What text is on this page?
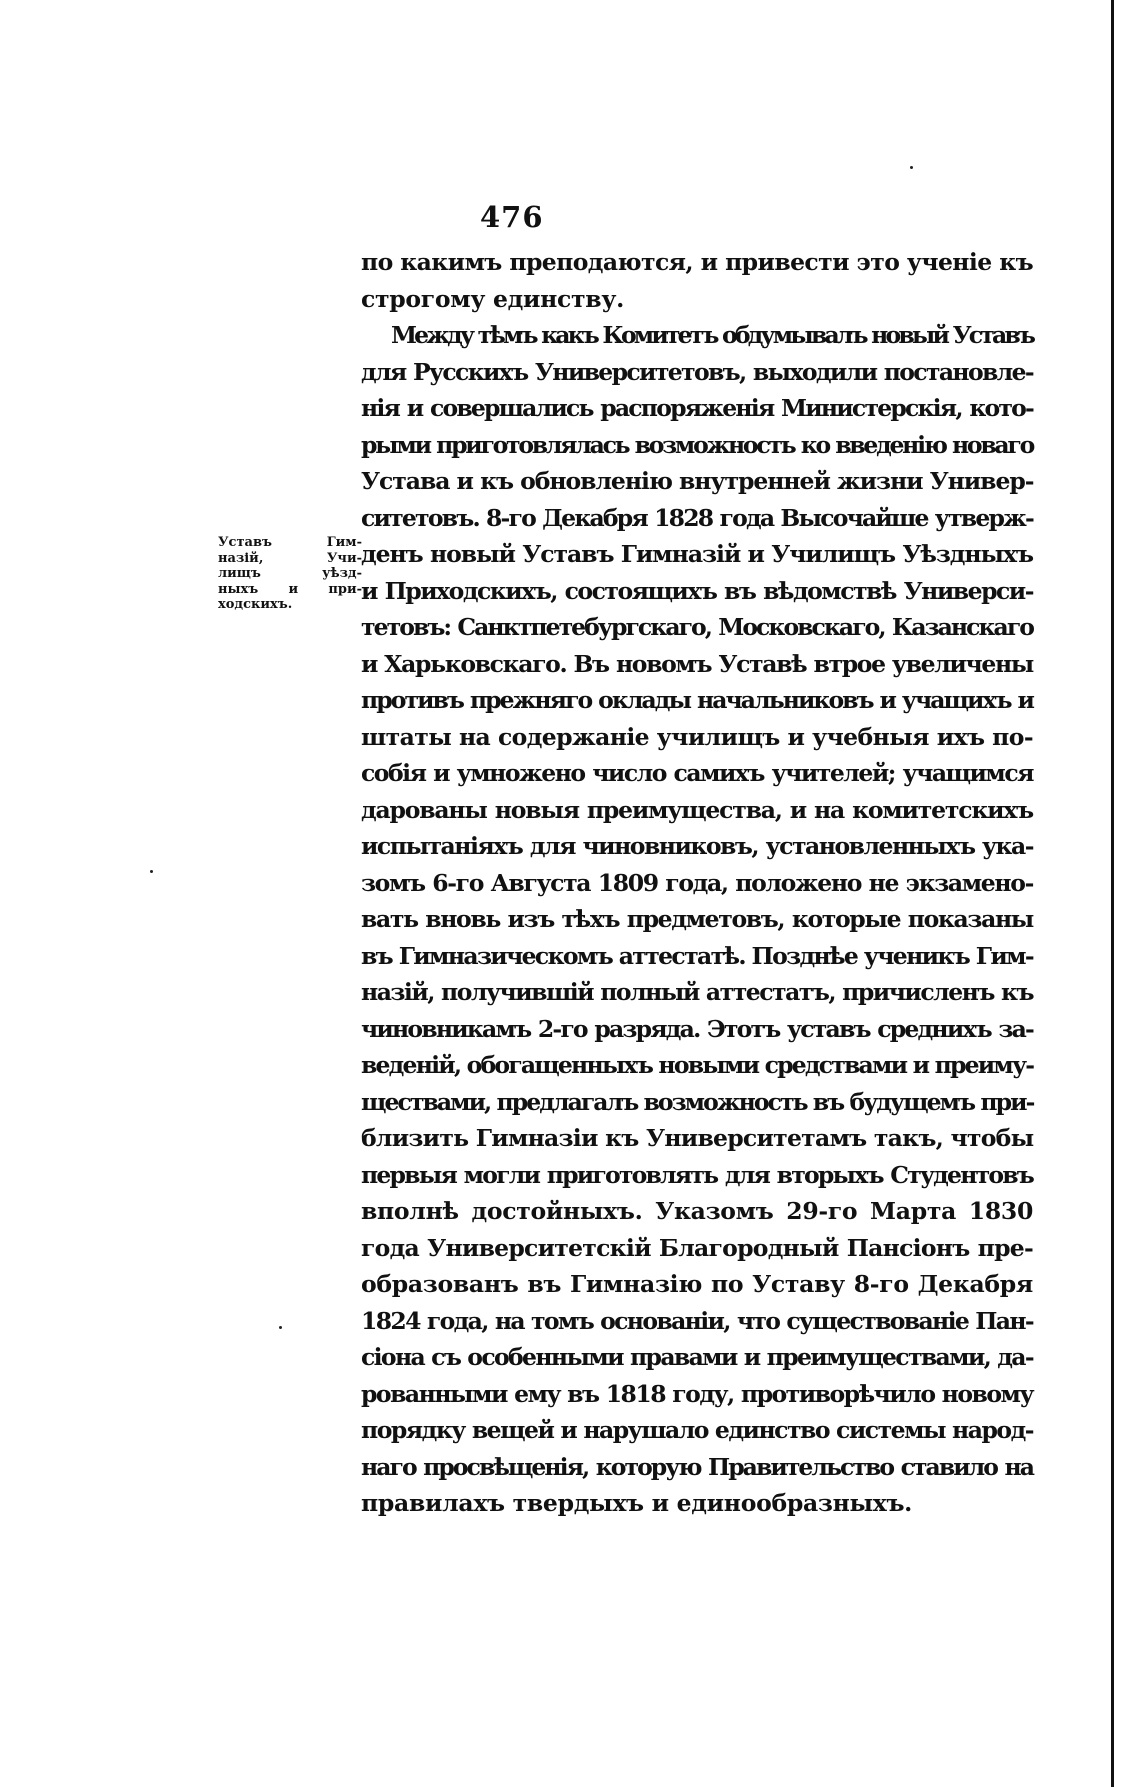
476
Уставъ Гим-
назій, Учи-
лищъ уѣзд-
ныхъ и при-
ходскихъ.
по какимъ преподаются, и привести это ученіе къ
строгому единству.
Между тѣмъ какъ Комитетъ обдумывалъ новый Уставъ
для Русскихъ Университетовъ, выходили постановле-
нія и совершались распоряженія Министерскія, кото-
рыми приготовлялась возможность ко введенію новаго
Устава и къ обновленію внутренней жизни Универ-
ситетовъ. 8-го Декабря 1828 года Высочайше утверж-
денъ новый Уставъ Гимназій и Училищъ Уѣздныхъ
и Приходскихъ, состоящихъ въ вѣдомствѣ Универси-
тетовъ: Санктпетебургскаго, Московскаго, Казанскаго
и Харьковскаго. Въ новомъ Уставѣ втрое увеличены
противъ прежняго оклады начальниковъ и учащихъ и
штаты на содержаніе училищъ и учебныя ихъ по-
собія и умножено число самихъ учителей; учащимся
дарованы новыя преимущества, и на комитетскихъ
испытаніяхъ для чиновниковъ, установленныхъ ука-
зомъ 6-го Августа 1809 года, положено не экзамено-
вать вновь изъ тѣхъ предметовъ, которые показаны
въ Гимназическомъ аттестатѣ. Позднѣе ученикъ Гим-
назій, получившій полный аттестатъ, причисленъ къ
чиновникамъ 2-го разряда. Этотъ уставъ среднихъ за-
веденій, обогащенныхъ новыми средствами и преиму-
ществами, предлагалъ возможность въ будущемъ при-
близить Гимназіи къ Университетамъ такъ, чтобы
первыя могли приготовлять для вторыхъ Студентовъ
вполнѣ достойныхъ. Указомъ 29-го Марта 1830
года Университетскій Благородный Пансіонъ пре-
образованъ въ Гимназію по Уставу 8-го Декабря
1824 года, на томъ основаніи, что существованіе Пан-
сіона съ особенными правами и преимуществами, да-
рованными ему въ 1818 году, противорѣчило новому
порядку вещей и нарушало единство системы народ-
наго просвѣщенія, которую Правительство ставило на
правилахъ твердыхъ и единообразныхъ.
